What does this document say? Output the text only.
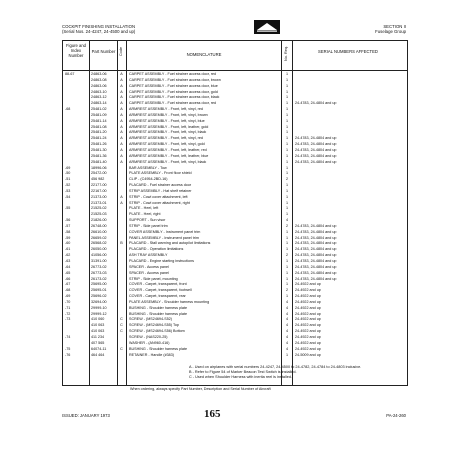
COCKPIT FINISHING INSTALLATION
(Serial Nos. 24-4247, 24-4500 and up)
SECTION II
Fuselage Group
Figure and Index Number
Part Number Code	NOMENCLATURE	No. Req.	SERIAL NUMBERS AFFECTED
88-67	24863-06	A	CARPET ASSEMBLY - Fuel strainer access door, red	1
24863-08	A	CARPET ASSEMBLY - Fuel strainer access door, brown	1
24863-06	A	CARPET ASSEMBLY - Fuel strainer access door, blue	1
24863-10	A	CARPET ASSEMBLY - Fuel strainer access door, gold	1
24863-12	A	CARPET ASSEMBLY - Fuel strainer access door, black	1
24863-14	A	CARPET ASSEMBLY - Fuel strainer access door, red	1	24-4783, 24-4804 and up
-68	25481-02	A	ARMREST ASSEMBLY - Front, left, vinyl, red	1
25481-09	A	ARMREST ASSEMBLY - Front, left, vinyl, brown	1
25481-14	A	ARMREST ASSEMBLY - Front, left, vinyl, blue	1
25481-08	A	ARMREST ASSEMBLY - Front, left, leather, gold	1
25481-20	A	ARMREST ASSEMBLY - Front, left, vinyl, black	1
25481-24	A	ARMREST ASSEMBLY - Front, left, vinyl, red	1	24-4783, 24-4804 and up
25481-26	A	ARMREST ASSEMBLY - Front, left, vinyl, gold	1	24-4783, 24-4804 and up
25481-30	A	ARMREST ASSEMBLY - Front, left, leather, red	1	24-4783, 24-4804 and up
25481-36	A	ARMREST ASSEMBLY - Front, left, leather, blue	1	24-4783, 24-4804 and up
25481-40	A	ARMREST ASSEMBLY - Front, left, vinyl, black	1	24-4783, 24-4804 and up
-69	18996-06	BAR ASSEMBLY - Tow	1
-50	25472-00	PLATE ASSEMBLY - Front floor shield	1
-51	456 982	CLIP - (C4954-2BD-16)	2
-52	22177-00	PLACARD - Fuel strainer access door	1
-53	22167-00	STRIP ASSEMBLY - Hat shelf retainer	1
-54	21373-00	A	STRIP - Cowl cover attachment, left	1
21373-01	A	STRIP - Cowl cover attachment, right	1
-55	21525-02	PLATE - Heel, left	1
21525-03	PLATE - Heel, right	1
-56	21826-00	SUPPORT - Sun visor	4
-57	26748-00	STRIP - Side panel trim	2	24-4783, 24-4804 and up
-58	26610-00	COVER ASSEMBLY - Instrument panel trim	1	24-4783, 24-4804 and up
-59	26659-02	PANEL ASSEMBLY - Instrument panel trim	1	24-4783, 24-4804 and up
-60	26568-02	B	PLACARD - Stall warning and autopilot limitations	1	24-4783, 24-4804 and up
-61	26050-00	PLACARD - Operation limitations	1	24-4783, 24-4804 and up
-62	41056-00	ASH TRAY ASSEMBLY	2	24-4783, 24-4804 and up
-63	31391-00	PLACARD - Engine starting instructions	1	24-4783, 24-4804 and up
-64	26773-02	SPACER - Access panel	1	24-4783, 24-4804 and up
-65	26773-03	SPACER - Access panel	1	24-4783, 24-4804 and up
-66	26173-02	STRIP - Side panel, mounting	1	24-4783, 24-4804 and up
-67	25695-00	COVER - Carpet, transparent, front	1	24-4922 and up
-68	25695-01	COVER - Carpet, transparent, footwell	2	24-4922 and up
-69	25696-02	COVER - Carpet, transparent, rear	1	24-4922 and up
-70	32694-00	PLATE ASSEMBLY - Shoulder harness mounting	4	24-4922 and up
-71	29999-10	BUSHING - Shoulder harness plate	4	24-4922 and up
-72	29999-12	BUSHING - Shoulder harness plate	4	24-4922 and up
-73	410 060	C	SCREW - (MS24694-S52)	4	24-4922 and up
410 063	C	SCREW - (MS24694-S55) Top	4	24-4922 and up
410 063	C	SCREW - (MS24694-S56) Bottom	4	24-4922 and up
-74	411 234	SCREW - (NAS220-25)	4	24-4922 and up
407 565	WASHER - (AN960-416)	4	24-4922 and up
-75	64074-11	C	BUSHING - Shoulder harness plate	4	24-4922 and up
-76	464 464	RETAINER - Handle (#383)	1	24-5009 and up
A - Used on airplanes with serial numbers 24-4247, 24-4500 to 24-4782, 24-4784 to 24-4803 inclusive.
B - Refer to Figure 54 of Marker Beacon Test Switch is installed.
C - Used when Shoulder Harness with inertia reel is installed.
When ordering, always specify Part Number, Description and Serial Number of Aircraft
ISSUED: JANUARY 1973	165	PA-24-260
